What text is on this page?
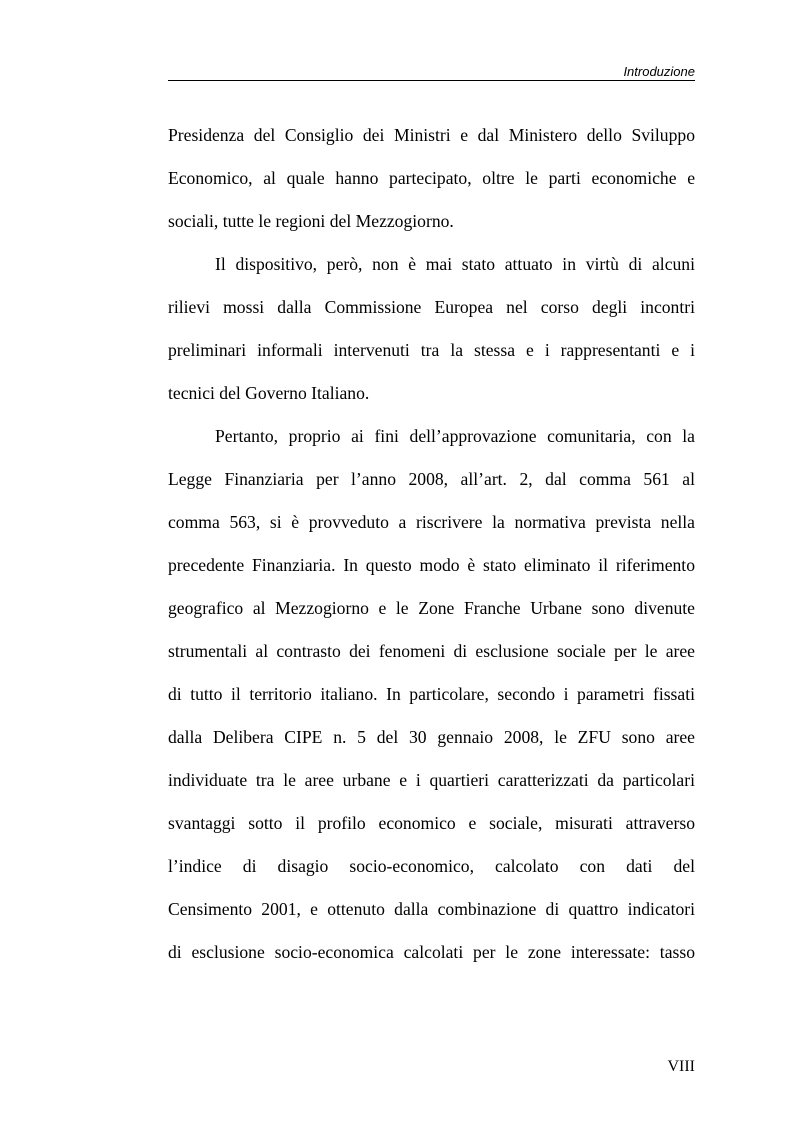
Introduzione
Presidenza del Consiglio dei Ministri e dal Ministero dello Sviluppo
Economico, al quale hanno partecipato, oltre le parti economiche e
sociali, tutte le regioni del Mezzogiorno.
Il dispositivo, però, non è mai stato attuato in virtù di alcuni
rilievi mossi dalla Commissione Europea nel corso degli incontri
preliminari informali intervenuti tra la stessa e i rappresentanti e i
tecnici del Governo Italiano.
Pertanto, proprio ai fini dell’approvazione comunitaria, con la
Legge Finanziaria per l’anno 2008, all’art. 2, dal comma 561 al
comma 563, si è provveduto a riscrivere la normativa prevista nella
precedente Finanziaria. In questo modo è stato eliminato il riferimento
geografico al Mezzogiorno e le Zone Franche Urbane sono divenute
strumentali al contrasto dei fenomeni di esclusione sociale per le aree
di tutto il territorio italiano. In particolare, secondo i parametri fissati
dalla Delibera CIPE n. 5 del 30 gennaio 2008, le ZFU sono aree
individuate tra le aree urbane e i quartieri caratterizzati da particolari
svantaggi sotto il profilo economico e sociale, misurati attraverso
l’indice di disagio socio-economico, calcolato con dati del
Censimento 2001, e ottenuto dalla combinazione di quattro indicatori
di esclusione socio-economica calcolati per le zone interessate: tasso
VIII
